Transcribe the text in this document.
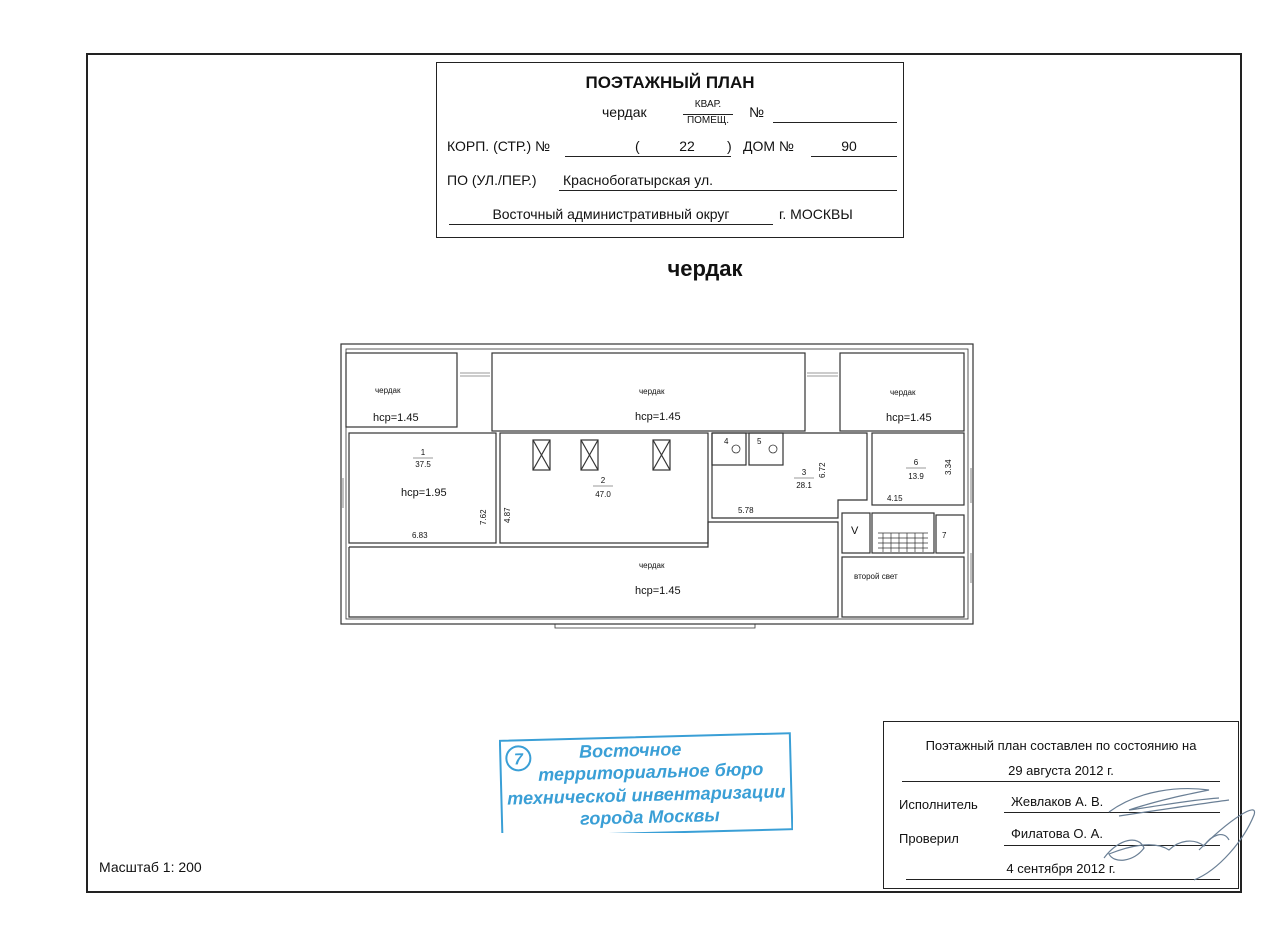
ПОЭТАЖНЫЙ ПЛАН
чердак	КВАР.
ПОМЕЩ.
№
КОРП. (СТР.) №	(	22	) ДОМ №	90
ПО (УЛ./ПЕР.) Краснобогатырская ул.
Восточный административный округ	г. МОСКВЫ
чердак
чердак
hср=1.45
чердак
hср=1.45
чердак
hср=1.45
1
37.5
hср=1.95
2
47.0
3
28.1
4	5
6
13.9
7
V
чердак
hср=1.45
второй свет
6.83
7.62 4.87	5.78
6.72
4.15
3.34
Масштаб 1: 200
7	Восточное
территориальное бюро
технической инвентаризации
города Москвы
Поэтажный план составлен по состоянию на
29 августа 2012 г.
Исполнитель	Жевлаков А. В.
Проверил	Филатова О. А.
4 сентября 2012 г.
